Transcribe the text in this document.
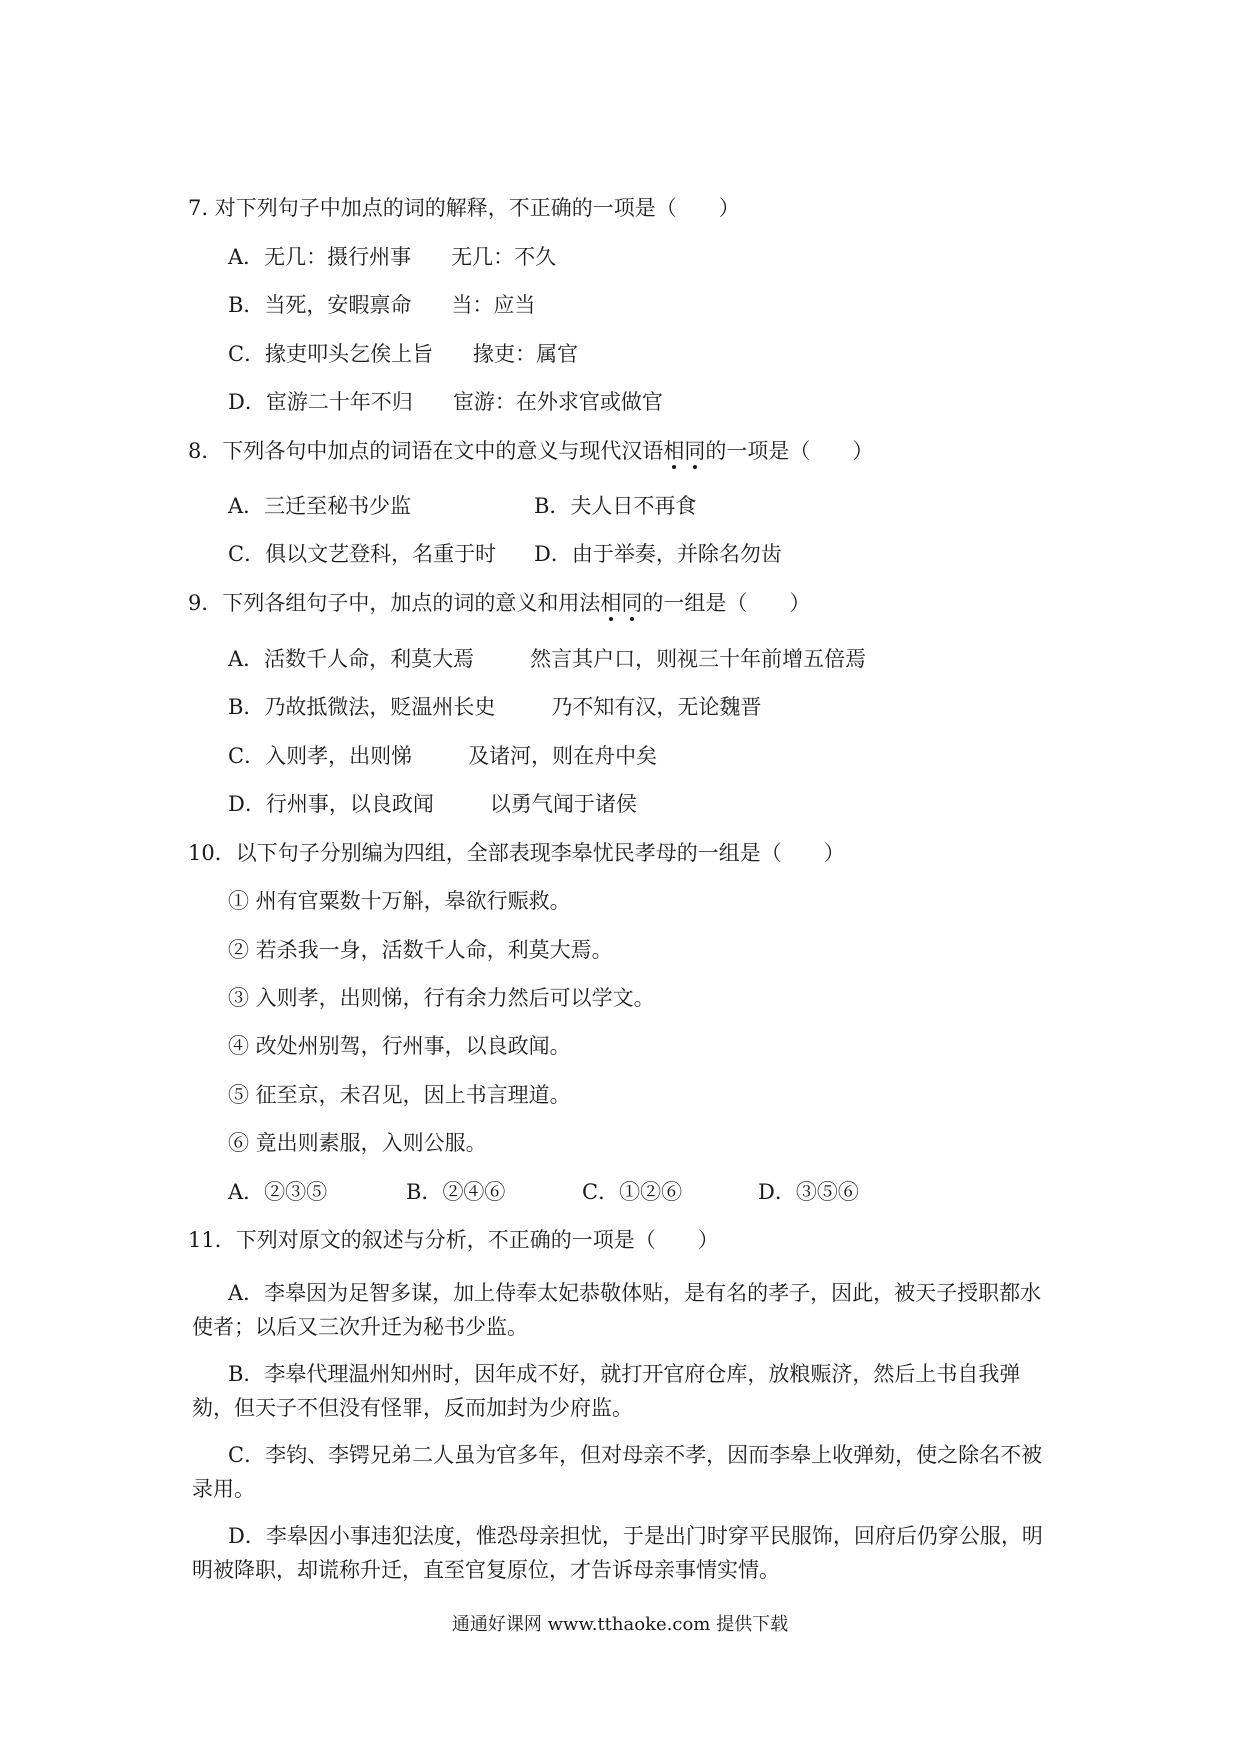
7. 对下列句子中加点的词的解释，不正确的一项是（　　）
A．无几：摄行州事 无几：不久
B．当死，安暇禀命 当：应当
C．掾吏叩头乞俟上旨 掾吏：属官
D．宦游二十年不归 宦游：在外求官或做官
8．下列各句中加点的词语在文中的意义与现代汉语相同的一项是（　　）
A．三迁至秘书少监	B．夫人日不再食
C．俱以文艺登科，名重于时 D．由于举奏，并除名勿齿
9．下列各组句子中，加点的词的意义和用法相同的一组是（　　）
A．活数千人命，利莫大焉	然言其户口，则视三十年前增五倍焉
B．乃故抵微法，贬温州长史	乃不知有汉，无论魏晋
C．入则孝，出则悌	及诸河，则在舟中矣
D．行州事，以良政闻	以勇气闻于诸侯
10．以下句子分别编为四组，全部表现李皋忧民孝母的一组是（　　）
① 州有官粟数十万斛，皋欲行赈救。
② 若杀我一身，活数千人命，利莫大焉。
③ 入则孝，出则悌，行有余力然后可以学文。
④ 改处州别驾，行州事，以良政闻。
⑤ 征至京，未召见，因上书言理道。
⑥ 竟出则素服，入则公服。
A．②③⑤	B．②④⑥	C．①②⑥	D．③⑤⑥
11．下列对原文的叙述与分析，不正确的一项是（　　）
A．李皋因为足智多谋，加上侍奉太妃恭敬体贴，是有名的孝子，因此，被天子授职都水使者；以后又三次升迁为秘书少监。
B．李皋代理温州知州时，因年成不好，就打开官府仓库，放粮赈济，然后上书自我弹劾，但天子不但没有怪罪，反而加封为少府监。
C．李钧、李锷兄弟二人虽为官多年，但对母亲不孝，因而李皋上收弹劾，使之除名不被录用。
D．李皋因小事违犯法度，惟恐母亲担忧，于是出门时穿平民服饰，回府后仍穿公服，明明被降职，却谎称升迁，直至官复原位，才告诉母亲事情实情。
通通好课网 www.tthaoke.com 提供下载
